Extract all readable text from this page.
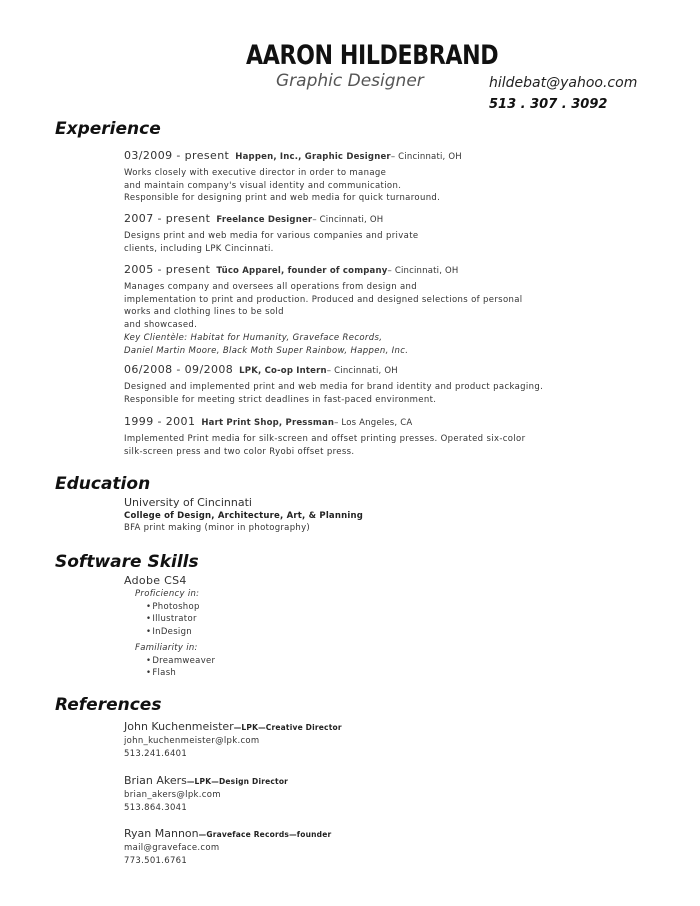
AARON HILDEBRAND
Graphic Designer	hildebat@yahoo.com
513 . 307 . 3092
Experience
03/2009 - present Happen, Inc., Graphic Designer– Cincinnati, OH
Works closely with executive director in order to manage
and maintain company's visual identity and communication.
Responsible for designing print and web media for quick turnaround.
2007 - present Freelance Designer– Cincinnati, OH
Designs print and web media for various companies and private
clients, including LPK Cincinnati.
2005 - present Tüco Apparel, founder of company– Cincinnati, OH
Manages company and oversees all operations from design and
implementation to print and production. Produced and designed selections of personal
works and clothing lines to be sold
and showcased.
Key Clientèle: Habitat for Humanity, Graveface Records,
Daniel Martin Moore, Black Moth Super Rainbow, Happen, Inc.
06/2008 - 09/2008 LPK, Co-op Intern– Cincinnati, OH
Designed and implemented print and web media for brand identity and product packaging.
Responsible for meeting strict deadlines in fast-paced environment.
1999 - 2001 Hart Print Shop, Pressman– Los Angeles, CA
Implemented Print media for silk-screen and offset printing presses. Operated six-color
silk-screen press and two color Ryobi offset press.
Education
University of Cincinnati
College of Design, Architecture, Art, & Planning
BFA print making (minor in photography)
Software Skills
Adobe CS4
Proficiency in:
•Photoshop
•Illustrator
•InDesign
Familiarity in:
•Dreamweaver
•Flash
References
John Kuchenmeister—LPK—Creative Director
john_kuchenmeister@lpk.com
513.241.6401
Brian Akers—LPK—Design Director
brian_akers@lpk.com
513.864.3041
Ryan Mannon—Graveface Records—founder
mail@graveface.com
773.501.6761
